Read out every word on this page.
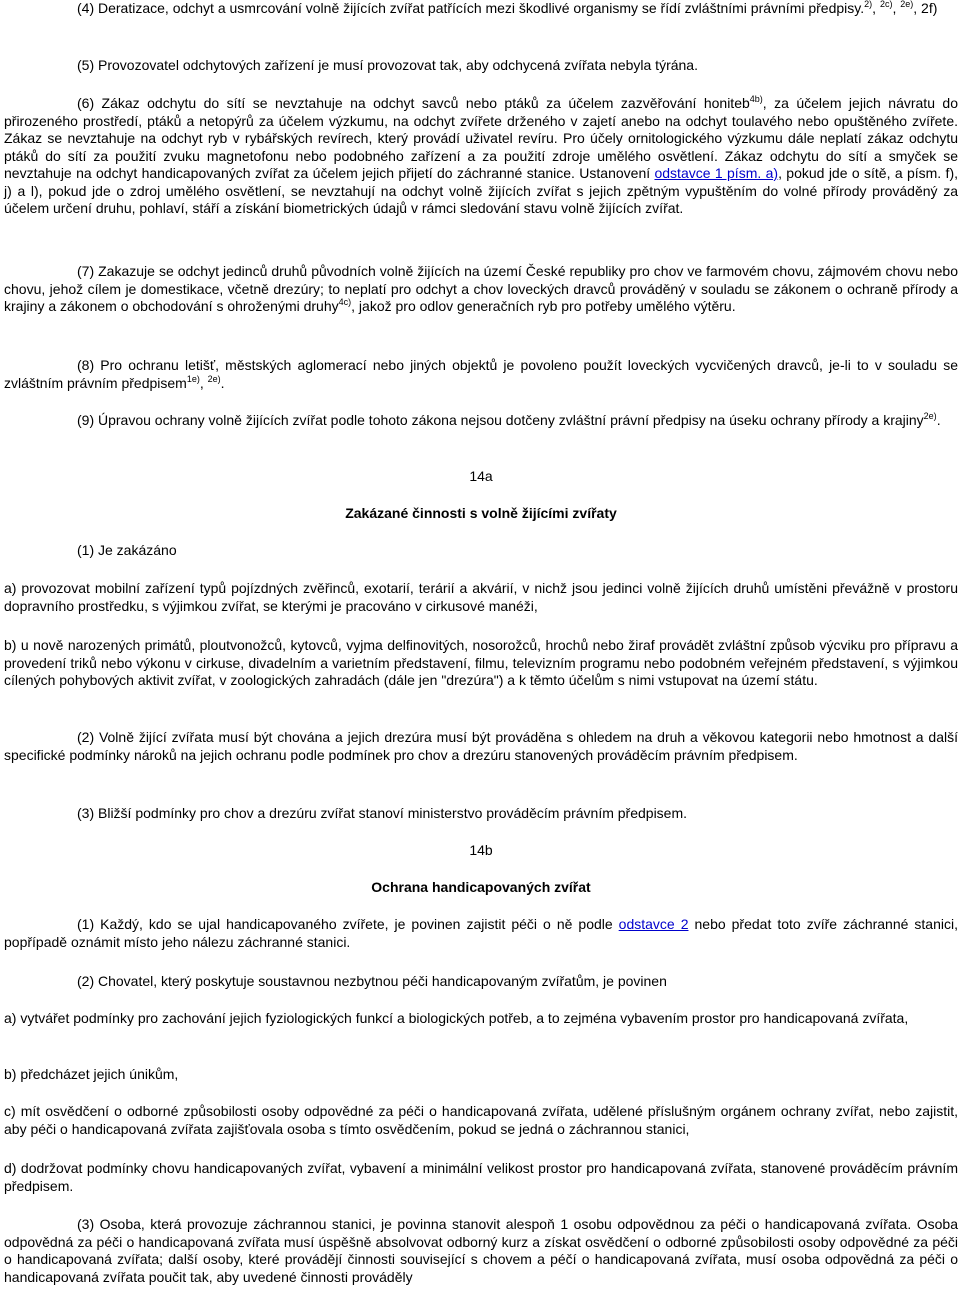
(4) Deratizace, odchyt a usmrcování volně žijících zvířat patřících mezi škodlivé organismy se řídí zvláštními právními předpisy.$^{2)}$, $^{2c)}$, $^{2e)}$, 2f)

(5) Provozovatel odchytových zařízení je musí provozovat tak, aby odchycená zvířata nebyla týrána.

(6) Zákaz odchytu do sítí se nevztahuje na odchyt savců nebo ptáků za účelem zazvěřování honiteb$^{4b)}$, za účelem jejich návratu do přirozeného prostředí, ptáků a netopýrů za účelem výzkumu, na odchyt zvířete drženého v zajetí anebo na odchyt toulavého nebo opuštěného zvířete. Zákaz se nevztahuje na odchyt ryb v rybářských revírech, který provádí uživatel revíru. Pro účely ornitologického výzkumu dále neplatí zákaz odchytu ptáků do sítí za použití zvuku magnetofonu nebo podobného zařízení a za použití zdroje umělého osvětlení. Zákaz odchytu do sítí a smyček se nevztahuje na odchyt handicapovaných zvířat za účelem jejich přijetí do záchranné stanice. Ustanovení odstavce 1 písm. a), pokud jde o sítě, a písm. f), j) a l), pokud jde o zdroj umělého osvětlení, se nevztahují na odchyt volně žijících zvířat s jejich zpětným vypuštěním do volné přírody prováděný za účelem určení druhu, pohlaví, stáří a získání biometrických údajů v rámci sledování stavu volně žijících zvířat.

(7) Zakazuje se odchyt jedinců druhů původních volně žijících na území České republiky pro chov ve farmovém chovu, zájmovém chovu nebo chovu, jehož cílem je domestikace, včetně drezúry; to neplatí pro odchyt a chov loveckých dravců prováděný v souladu se zákonem o ochraně přírody a krajiny a zákonem o obchodování s ohroženými druhy$^{4c)}$, jakož pro odlov generačních ryb pro potřeby umělého výtěru.

(8) Pro ochranu letišť, městských aglomerací nebo jiných objektů je povoleno použít loveckých vycvičených dravců, je-li to v souladu se zvláštním právním předpisem$^{1e)}$, $^{2e)}$.

(9) Úpravou ochrany volně žijících zvířat podle tohoto zákona nejsou dotčeny zvláštní právní předpisy na úseku ochrany přírody a krajiny$^{2e)}$.

14a

Zakázané činnosti s volně žijícími zvířaty

(1) Je zakázáno

a) provozovat mobilní zařízení typů pojízdných zvěřinců, exotarií, terárií a akvárií, v nichž jsou jedinci volně žijících druhů umístěni převážně v prostoru dopravního prostředku, s výjimkou zvířat, se kterými je pracováno v cirkusové manéži,

b) u nově narozených primátů, ploutvonožců, kytovců, vyjma delfinovitých, nosorožců, hrochů nebo žiraf provádět zvláštní způsob výcviku pro přípravu a provedení triků nebo výkonu v cirkuse, divadelním a varietním představení, filmu, televizním programu nebo podobném veřejném představení, s výjimkou cílených pohybových aktivit zvířat, v zoologických zahradách (dále jen "drezúra") a k těmto účelům s nimi vstupovat na území státu.

(2) Volně žijící zvířata musí být chována a jejich drezúra musí být prováděna s ohledem na druh a věkovou kategorii nebo hmotnost a další specifické podmínky nároků na jejich ochranu podle podmínek pro chov a drezúru stanovených prováděcím právním předpisem.

(3) Bližší podmínky pro chov a drezúru zvířat stanoví ministerstvo prováděcím právním předpisem.

14b

Ochrana handicapovaných zvířat

(1) Každý, kdo se ujal handicapovaného zvířete, je povinen zajistit péči o ně podle odstavce 2 nebo předat toto zvíře záchranné stanici, popřípadě oznámit místo jeho nálezu záchranné stanici.

(2) Chovatel, který poskytuje soustavnou nezbytnou péči handicapovaným zvířatům, je povinen

a) vytvářet podmínky pro zachování jejich fyziologických funkcí a biologických potřeb, a to zejména vybavením prostor pro handicapovaná zvířata,

b) předcházet jejich únikům,

c) mít osvědčení o odborné způsobilosti osoby odpovědné za péči o handicapovaná zvířata, udělené příslušným orgánem ochrany zvířat, nebo zajistit, aby péči o handicapovaná zvířata zajišťovala osoba s tímto osvědčením, pokud se jedná o záchrannou stanici,

d) dodržovat podmínky chovu handicapovaných zvířat, vybavení a minimální velikost prostor pro handicapovaná zvířata, stanovené prováděcím právním předpisem.

(3) Osoba, která provozuje záchrannou stanici, je povinna stanovit alespoň 1 osobu odpovědnou za péči o handicapovaná zvířata. Osoba odpovědná za péči o handicapovaná zvířata musí úspěšně absolvovat odborný kurz a získat osvědčení o odborné způsobilosti osoby odpovědné za péči o handicapovaná zvířata; další osoby, které provádějí činnosti související s chovem a péčí o handicapovaná zvířata, musí osoba odpovědná za péči o handicapovaná zvířata poučit tak, aby uvedené činnosti prováděly
